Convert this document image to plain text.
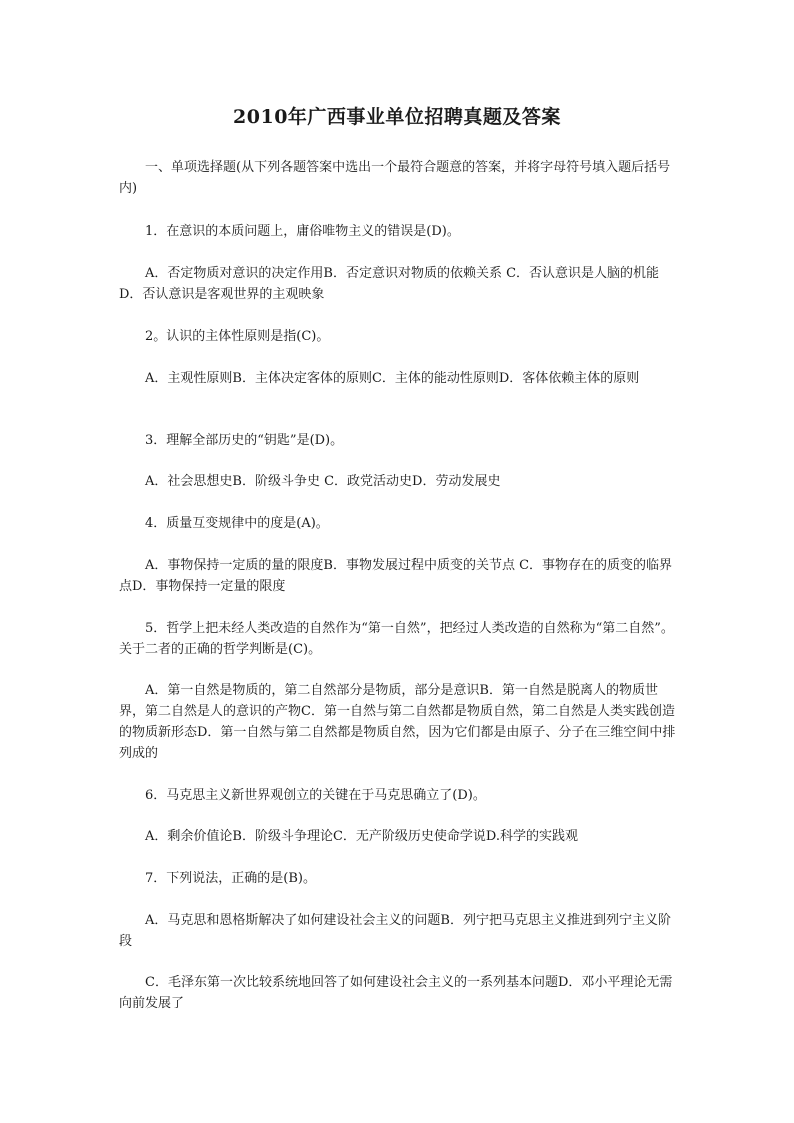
2010年广西事业单位招聘真题及答案

一、单项选择题(从下列各题答案中选出一个最符合题意的答案，并将字母符号填入题后括号内)

1．在意识的本质问题上，庸俗唯物主义的错误是(D)。

A．否定物质对意识的决定作用B．否定意识对物质的依赖关系 C．否认意识是人脑的机能D．否认意识是客观世界的主观映象

2。认识的主体性原则是指(C)。

A．主观性原则B．主体决定客体的原则C．主体的能动性原则D．客体依赖主体的原则

3．理解全部历史的“钥匙”是(D)。

A．社会思想史B．阶级斗争史 C．政党活动史D．劳动发展史

4．质量互变规律中的度是(A)。

A．事物保持一定质的量的限度B．事物发展过程中质变的关节点 C．事物存在的质变的临界点D．事物保持一定量的限度

5．哲学上把未经人类改造的自然作为“第一自然”，把经过人类改造的自然称为“第二自然”。关于二者的正确的哲学判断是(C)。

A．第一自然是物质的，第二自然部分是物质，部分是意识B．第一自然是脱离人的物质世界，第二自然是人的意识的产物C．第一自然与第二自然都是物质自然，第二自然是人类实践创造的物质新形态D．第一自然与第二自然都是物质自然，因为它们都是由原子、分子在三维空间中排列成的

6．马克思主义新世界观创立的关键在于马克思确立了(D)。

A．剩余价值论B．阶级斗争理论C．无产阶级历史使命学说D.科学的实践观

7．下列说法，正确的是(B)。

A．马克思和恩格斯解决了如何建设社会主义的问题B．列宁把马克思主义推进到列宁主义阶段

C．毛泽东第一次比较系统地回答了如何建设社会主义的一系列基本问题D．邓小平理论无需向前发展了
